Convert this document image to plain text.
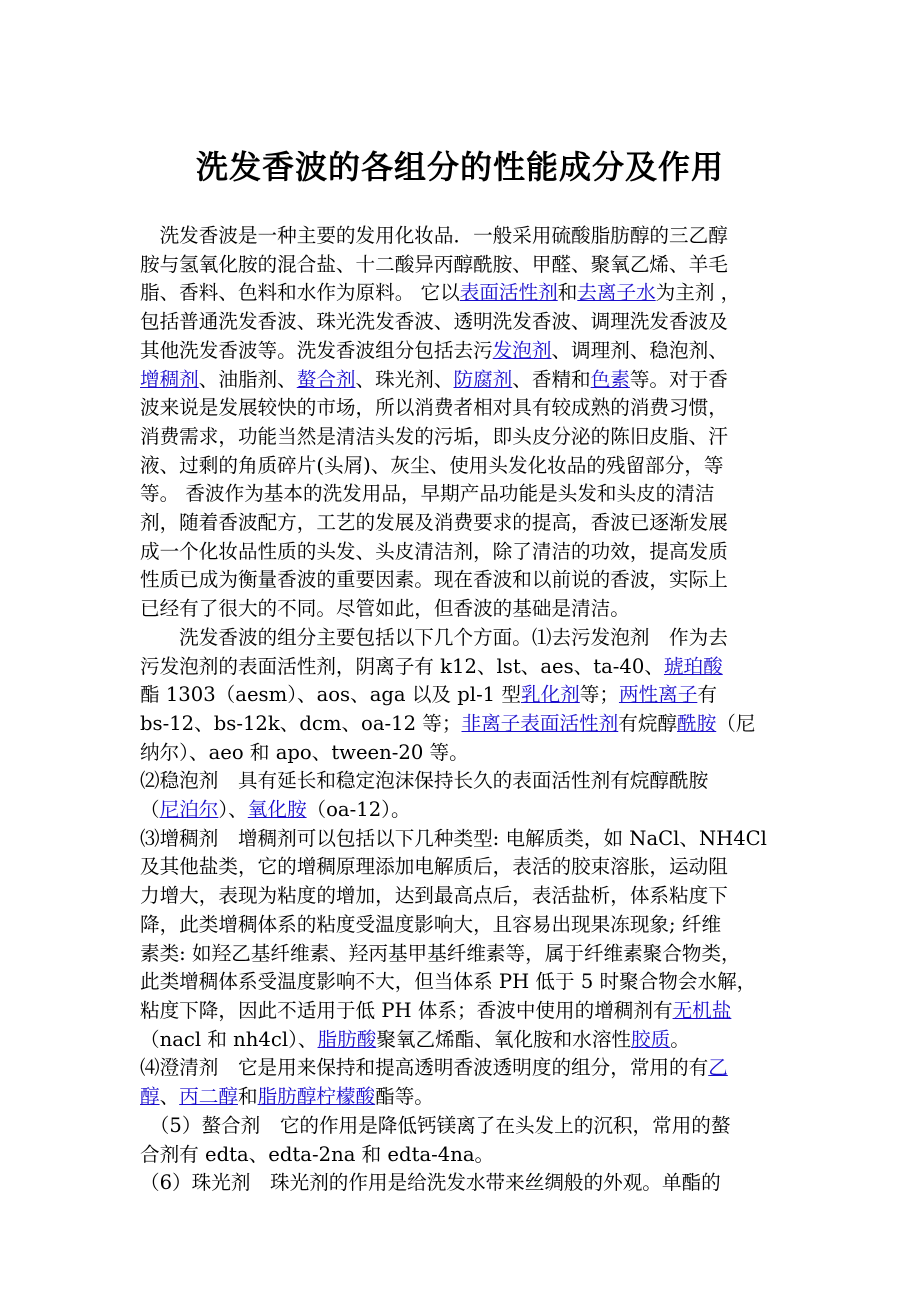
洗发香波的各组分的性能成分及作用

　洗发香波是一种主要的发用化妆品．一般采用硫酸脂肪醇的三乙醇
胺与氢氧化胺的混合盐、十二酸异丙醇酰胺、甲醛、聚氧乙烯、羊毛
脂、香料、色料和水作为原料。 它以表面活性剂和去离子水为主剂 ，
包括普通洗发香波、珠光洗发香波、透明洗发香波、调理洗发香波及
其他洗发香波等。洗发香波组分包括去污发泡剂、调理剂、稳泡剂、
增稠剂、油脂剂、螯合剂、珠光剂、防腐剂、香精和色素等。对于香
波来说是发展较快的市场，所以消费者相对具有较成熟的消费习惯，
消费需求，功能当然是清洁头发的污垢，即头皮分泌的陈旧皮脂、汗
液、过剩的角质碎片(头屑)、灰尘、使用头发化妆品的残留部分，等
等。 香波作为基本的洗发用品，早期产品功能是头发和头皮的清洁
剂，随着香波配方，工艺的发展及消费要求的提高，香波已逐渐发展
成一个化妆品性质的头发、头皮清洁剂，除了清洁的功效，提高发质
性质已成为衡量香波的重要因素。现在香波和以前说的香波，实际上
已经有了很大的不同。尽管如此，但香波的基础是清洁。

　　洗发香波的组分主要包括以下几个方面。⑴去污发泡剂　作为去
污发泡剂的表面活性剂，阴离子有 k12、lst、aes、ta-40、琥珀酸
酯 1303（aesm）、aos、aga 以及 pl-1 型乳化剂等；两性离子有
bs-12、bs-12k、dcm、oa-12 等；非离子表面活性剂有烷醇酰胺（尼
纳尔）、aeo 和 apo、tween-20 等。

⑵稳泡剂　具有延长和稳定泡沫保持长久的表面活性剂有烷醇酰胺
（尼泊尔）、氧化胺（oa-12）。

⑶增稠剂　增稠剂可以包括以下几种类型: 电解质类，如 NaCl、NH4Cl
及其他盐类，它的增稠原理添加电解质后，表活的胶束溶胀，运动阻
力增大，表现为粘度的增加，达到最高点后，表活盐析，体系粘度下
降，此类增稠体系的粘度受温度影响大，且容易出现果冻现象; 纤维
素类: 如羟乙基纤维素、羟丙基甲基纤维素等，属于纤维素聚合物类，
此类增稠体系受温度影响不大，但当体系 PH 低于 5 时聚合物会水解，
粘度下降，因此不适用于低 PH 体系；香波中使用的增稠剂有无机盐
（nacl 和 nh4cl）、脂肪酸聚氧乙烯酯、氧化胺和水溶性胶质。

⑷澄清剂　它是用来保持和提高透明香波透明度的组分，常用的有乙
醇、丙二醇和脂肪醇柠檬酸酯等。

　（5）螯合剂　它的作用是降低钙镁离了在头发上的沉积，常用的螯
合剂有 edta、edta-2na 和 edta-4na。

（6）珠光剂　珠光剂的作用是给洗发水带来丝绸般的外观。单酯的
